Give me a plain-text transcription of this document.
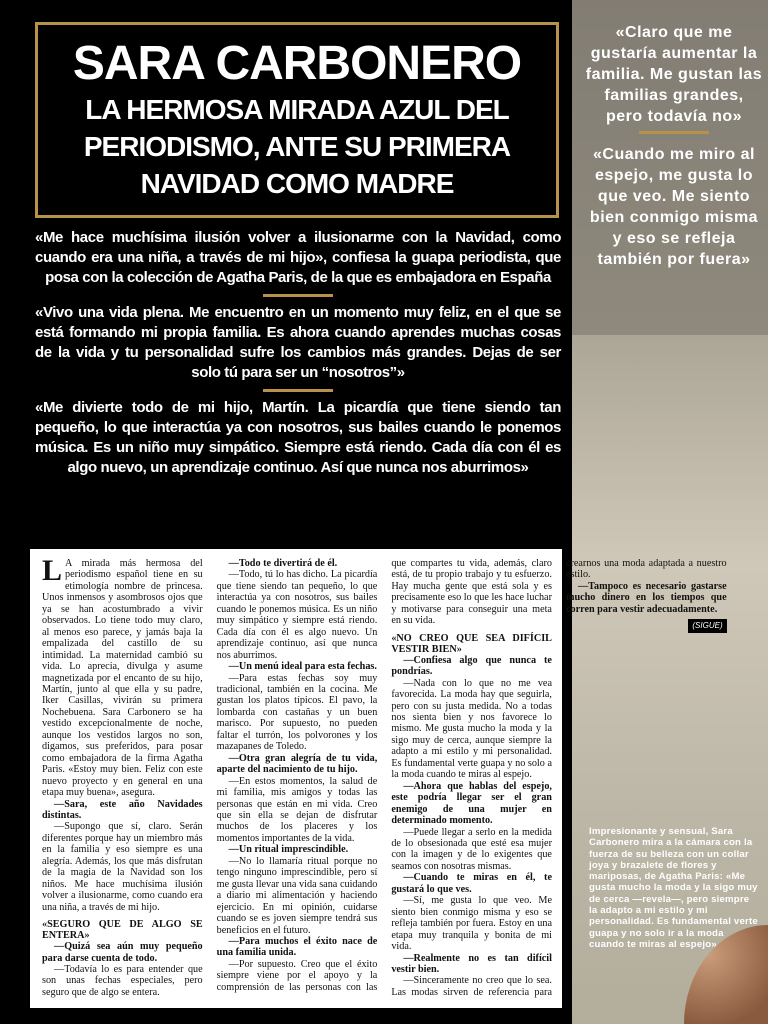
SARA CARBONERO
LA HERMOSA MIRADA AZUL DEL
PERIODISMO, ANTE SU PRIMERA
NAVIDAD COMO MADRE
«Me hace muchísima ilusión volver a ilusionarme con la Navidad, como cuando era una niña, a través de mi hijo», confiesa la guapa periodista, que posa con la colección de Agatha Paris, de la que es embajadora en España
«Vivo una vida plena. Me encuentro en un momento muy feliz, en el que se está formando mi propia familia. Es ahora cuando aprendes muchas cosas de la vida y tu personalidad sufre los cambios más grandes. Dejas de ser solo tú para ser un “nosotros”»
«Me divierte todo de mi hijo, Martín. La picardía que tiene siendo tan pequeño, lo que interactúa ya con nosotros, sus bailes cuando le ponemos música. Es un niño muy simpático. Siempre está riendo. Cada día con él es algo nuevo, un aprendizaje continuo. Así que nunca nos aburrimos»
«Claro que me gustaría aumentar la familia. Me gustan las familias grandes, pero todavía no»
«Cuando me miro al espejo, me gusta lo que veo. Me siento bien conmigo misma y eso se refleja también por fuera»

L A mirada más hermosa del periodismo español tiene en su etimología nombre de princesa. Unos inmensos y asombrosos ojos que ya se han acostumbrado a vivir observados. Lo tiene todo muy claro, al menos eso parece, y jamás baja la empalizada del castillo de su intimidad. La maternidad cambió su vida. Lo aprecia, divulga y asume magnetizada por el encanto de su hijo, Martín, junto al que ella y su padre, Iker Casillas, vivirán su primera Nochebuena. Sara Carbonero se ha vestido excepcionalmente de noche, aunque los vestidos largos no son, digamos, sus preferidos, para posar como embajadora de la firma Agatha Paris. «Estoy muy bien. Feliz con este nuevo proyecto y en general en una etapa muy buena», asegura.

—Sara, este año Navidades distintas.

—Supongo que sí, claro. Serán diferentes porque hay un miembro más en la familia y eso siempre es una alegría. Además, los que más disfrutan de la magia de la Navidad son los niños. Me hace muchísima ilusión volver a ilusionarme, como cuando era una niña, a través de mi hijo.

«SEGURO QUE DE ALGO SE ENTERA»

—Quizá sea aún muy pequeño para darse cuenta de todo.

—Todavía lo es para entender que son unas fechas especiales, pero seguro que de algo se entera.

—Todo te divertirá de él.

—Todo, tú lo has dicho. La picardía que tiene siendo tan pequeño, lo que interactúa ya con nosotros, sus bailes cuando le ponemos música. Es un niño muy simpático y siempre está riendo. Cada día con él es algo nuevo. Un aprendizaje continuo, así que nunca nos aburrimos.

—Un menú ideal para esta fechas.

—Para estas fechas soy muy tradicional, también en la cocina. Me gustan los platos típicos. El pavo, la lombarda con castañas y un buen marisco. Por supuesto, no pueden faltar el turrón, los polvorones y los mazapanes de Toledo.

—Otra gran alegría de tu vida, aparte del nacimiento de tu hijo.

—En estos momentos, la salud de mi familia, mis amigos y todas las personas que están en mi vida. Creo que sin ella se dejan de disfrutar muchos de los placeres y los momentos importantes de la vida.

—Un ritual imprescindible.

—No lo llamaría ritual porque no tengo ninguno imprescindible, pero sí me gusta llevar una vida sana cuidando a diario mi alimentación y haciendo ejercicio. En mi opinión, cuidarse cuando se es joven siempre tendrá sus beneficios en el futuro.

—Para muchos el éxito nace de una familia unida.

—Por supuesto. Creo que el éxito siempre viene por el apoyo y la comprensión de las personas con las que compartes tu vida, además, claro está, de tu propio trabajo y tu esfuerzo. Hay mucha gente que está sola y es precisamente eso lo que les hace luchar y motivarse para conseguir una meta en su vida.

«NO CREO QUE SEA DIFÍCIL VESTIR BIEN»

—Confiesa algo que nunca te pondrías.

—Nada con lo que no me vea favorecida. La moda hay que seguirla, pero con su justa medida. No a todas nos sienta bien y nos favorece lo mismo. Me gusta mucho la moda y la sigo muy de cerca, aunque siempre la adapto a mi estilo y mi personalidad. Es fundamental verte guapa y no solo a la moda cuando te miras al espejo.

—Ahora que hablas del espejo, este podría llegar ser el gran enemigo de una mujer en determinado momento.

—Puede llegar a serlo en la medida de lo obsesionada que esté esa mujer con la imagen y de lo exigentes que seamos con nosotras mismas.

—Cuando te miras en él, te gustará lo que ves.

—Sí, me gusta lo que veo. Me siento bien conmigo misma y eso se refleja también por fuera. Estoy en una etapa muy tranquila y bonita de mi vida.

—Realmente no es tan difícil vestir bien.

—Sinceramente no creo que lo sea. Las modas sirven de referencia para crearnos una moda adaptada a nuestro estilo.

—Tampoco es necesario gastarse mucho dinero en los tiempos que corren para vestir adecuadamente.

(SIGUE)
Impresionante y sensual, Sara Carbonero mira a la cámara con la fuerza de su belleza con un collar joya y brazalete de flores y mariposas, de Agatha Paris: «Me gusta mucho la moda y la sigo muy de cerca —revela—, pero siempre la adapto a mi estilo y mi personalidad. Es fundamental verte guapa y no solo ir a la moda cuando te miras al espejo»
